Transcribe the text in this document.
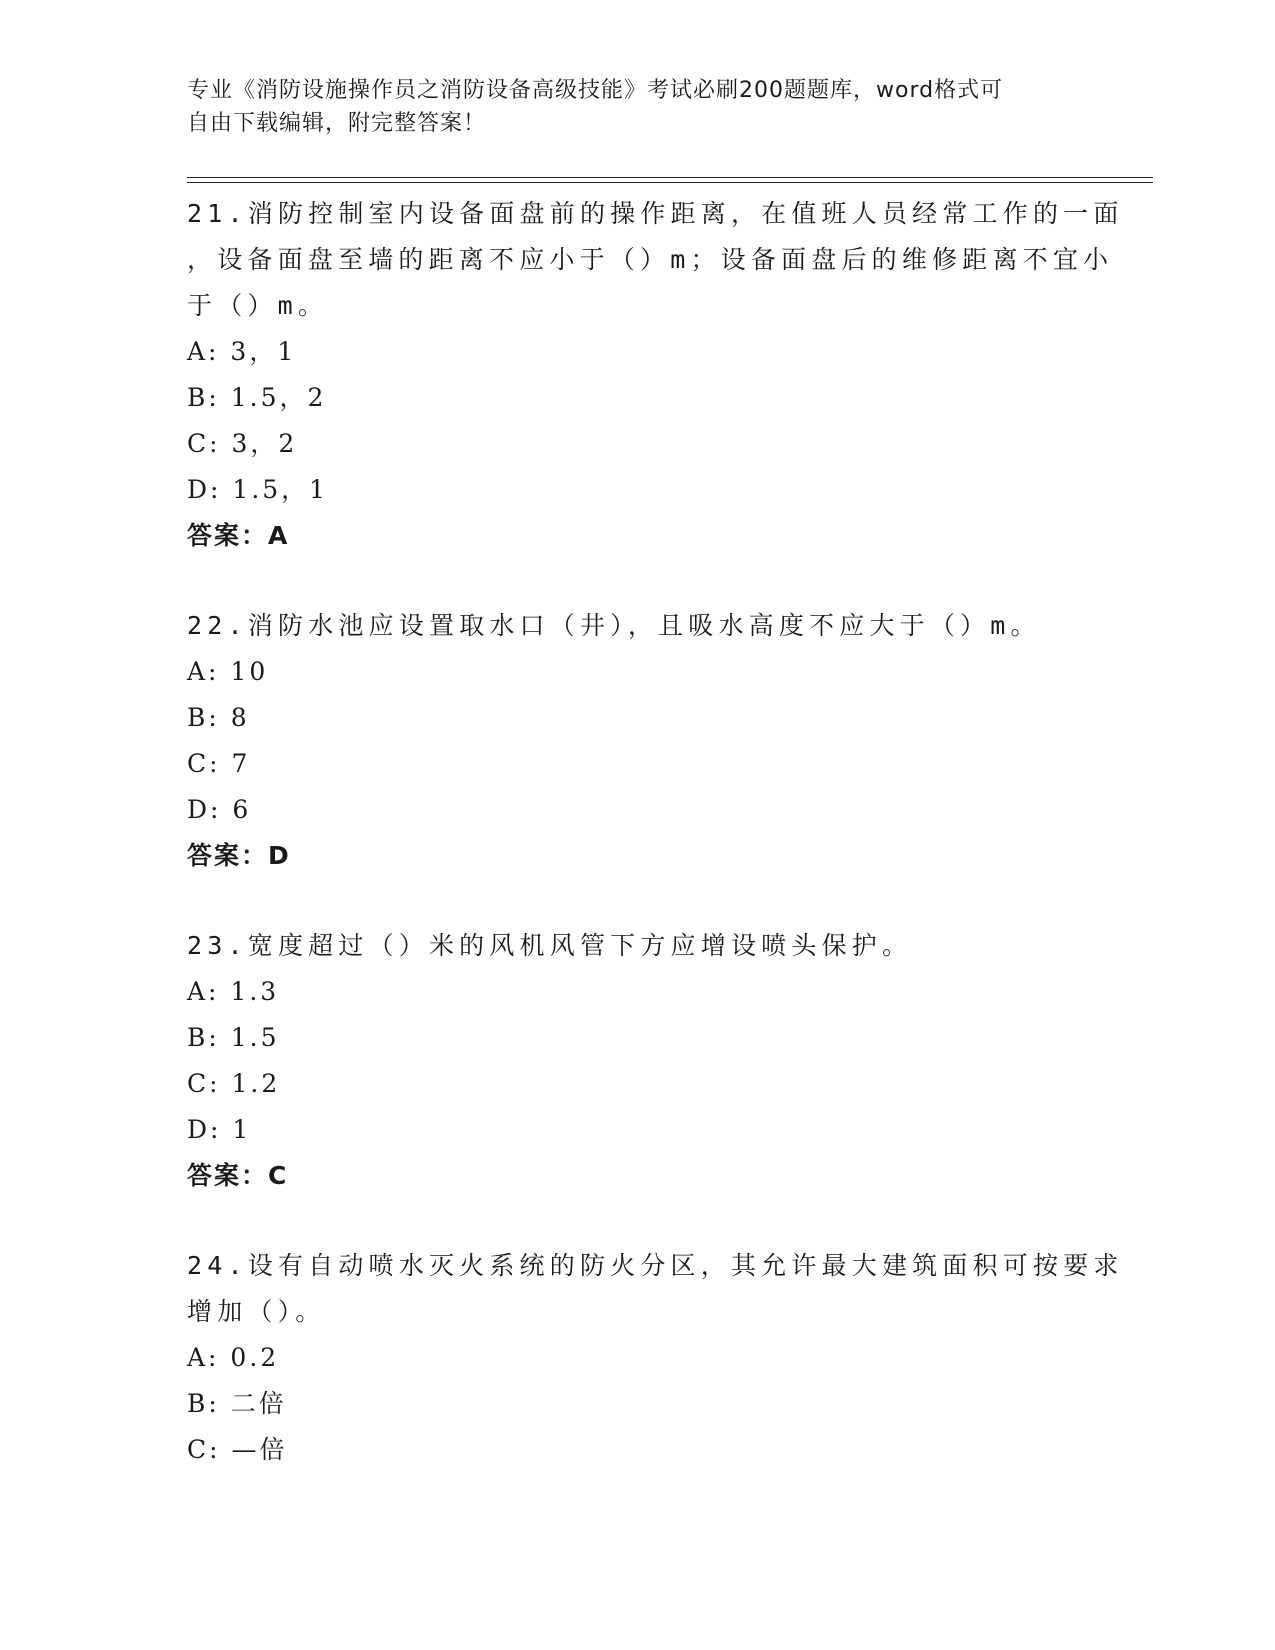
专业《消防设施操作员之消防设备高级技能》考试必刷200题题库，word格式可
自由下载编辑，附完整答案！
21.消防控制室内设备面盘前的操作距离，在值班人员经常工作的一面
，设备面盘至墙的距离不应小于（）m；设备面盘后的维修距离不宜小
于（）m。
A: 3，1
B: 1.5，2
C: 3，2
D: 1.5，1
答案：A
22.消防水池应设置取水口（井），且吸水高度不应大于（）m。
A: 10
B: 8
C: 7
D: 6
答案：D
23.宽度超过（）米的风机风管下方应增设喷头保护。
A: 1.3
B: 1.5
C: 1.2
D: 1
答案：C
24.设有自动喷水灭火系统的防火分区，其允许最大建筑面积可按要求
增加（）。
A: 0.2
B: 二倍
C: —倍
